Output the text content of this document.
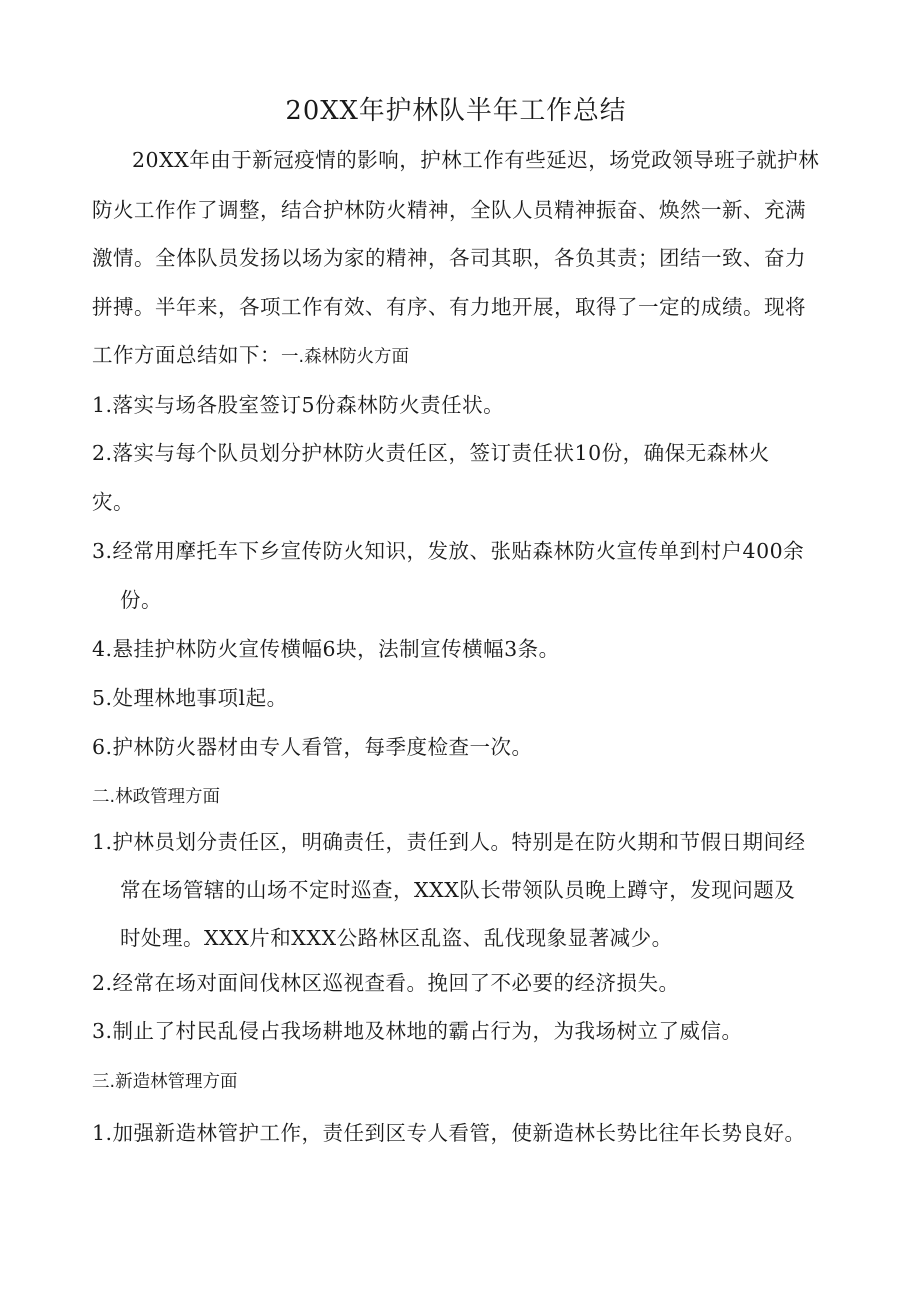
20XX年护林队半年工作总结
20XX年由于新冠疫情的影响，护林工作有些延迟，场党政领导班子就护林
防火工作作了调整，结合护林防火精神，全队人员精神振奋、焕然一新、充满
激情。全体队员发扬以场为家的精神，各司其职，各负其责；团结一致、奋力
拼搏。半年来，各项工作有效、有序、有力地开展，取得了一定的成绩。现将
工作方面总结如下：一.森林防火方面
1.落实与场各股室签订5份森林防火责任状。
2.落实与每个队员划分护林防火责任区，签订责任状10份，确保无森林火
灾。
3.经常用摩托车下乡宣传防火知识，发放、张贴森林防火宣传单到村户400余
份。
4.悬挂护林防火宣传横幅6块，法制宣传横幅3条。
5.处理林地事项l起。
6.护林防火器材由专人看管，每季度检查一次。
二.林政管理方面
1.护林员划分责任区，明确责任，责任到人。特别是在防火期和节假日期间经
常在场管辖的山场不定时巡查，XXX队长带领队员晚上蹲守，发现问题及
时处理。XXX片和XXX公路林区乱盗、乱伐现象显著减少。
2.经常在场对面间伐林区巡视查看。挽回了不必要的经济损失。
3.制止了村民乱侵占我场耕地及林地的霸占行为，为我场树立了威信。
三.新造林管理方面
1.加强新造林管护工作，责任到区专人看管，使新造林长势比往年长势良好。
